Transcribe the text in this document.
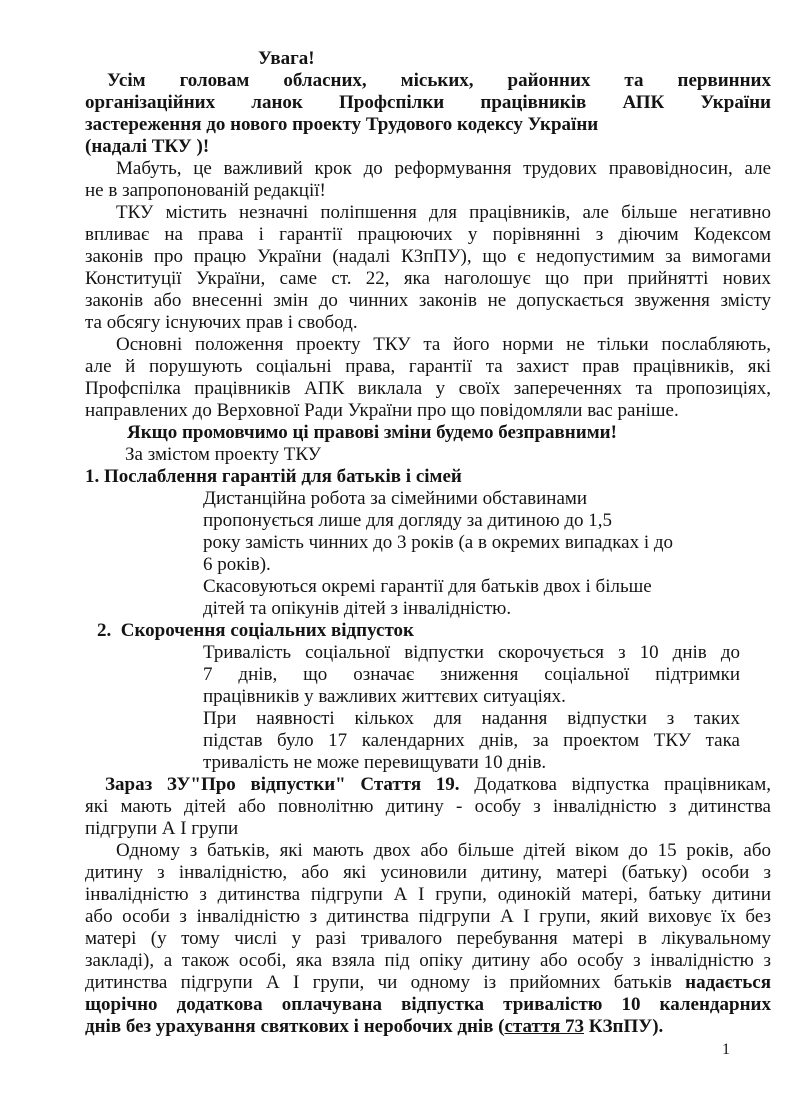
Увага!
Усім головам обласних, міських, районних та первинних
організаційних ланок Профспілки працівників АПК України
застереження до нового проекту Трудового кодексу України
(надалі ТКУ )!
Мабуть, це важливий крок до реформування трудових правовідносин, але
не в запропонованій редакції!
ТКУ містить незначні поліпшення для працівників, але більше негативно
впливає на права і гарантії працюючих у порівнянні з діючим Кодексом
законів про працю України (надалі КЗпПУ), що є недопустимим за вимогами
Конституції України, саме ст. 22, яка наголошує що при прийнятті нових
законів або внесенні змін до чинних законів не допускається звуження змісту
та обсягу існуючих прав і свобод.
Основні положення проекту ТКУ та його норми не тільки послабляють,
але й порушують соціальні права, гарантії та захист прав працівників, які
Профспілка працівників АПК виклала у своїх запереченнях та пропозиціях,
направлених до Верховної Ради України про що повідомляли вас раніше.
Якщо промовчимо ці правові зміни будемо безправними!
За змістом проекту ТКУ
1. Послаблення гарантій для батьків і сімей
Дистанційна робота за сімейними обставинами
пропонується лише для догляду за дитиною до 1,5
року замість чинних до 3 років (а в окремих випадках і до
6 років).
Скасовуються окремі гарантії для батьків двох і більше
дітей та опікунів дітей з інвалідністю.
2.  Скорочення соціальних відпусток
Тривалість соціальної відпустки скорочується з 10 днів до
7 днів, що означає зниження соціальної підтримки
працівників у важливих життєвих ситуаціях.
При наявності кількох для надання відпустки з таких
підстав було 17 календарних днів, за проектом ТКУ така
тривалість не може перевищувати 10 днів.
Зараз ЗУ"Про відпустки" Стаття 19. Додаткова відпустка працівникам,
які мають дітей або повнолітню дитину - особу з інвалідністю з дитинства
підгрупи А І групи
Одному з батьків, які мають двох або більше дітей віком до 15 років, або
дитину з інвалідністю, або які усиновили дитину, матері (батьку) особи з
інвалідністю з дитинства підгрупи А І групи, одинокій матері, батьку дитини
або особи з інвалідністю з дитинства підгрупи А І групи, який виховує їх без
матері (у тому числі у разі тривалого перебування матері в лікувальному
закладі), а також особі, яка взяла під опіку дитину або особу з інвалідністю з
дитинства підгрупи А І групи, чи одному із прийомних батьків надається
щорічно додаткова оплачувана відпустка тривалістю 10 календарних
днів без урахування святкових і неробочих днів (стаття 73 КЗпПУ).
1
